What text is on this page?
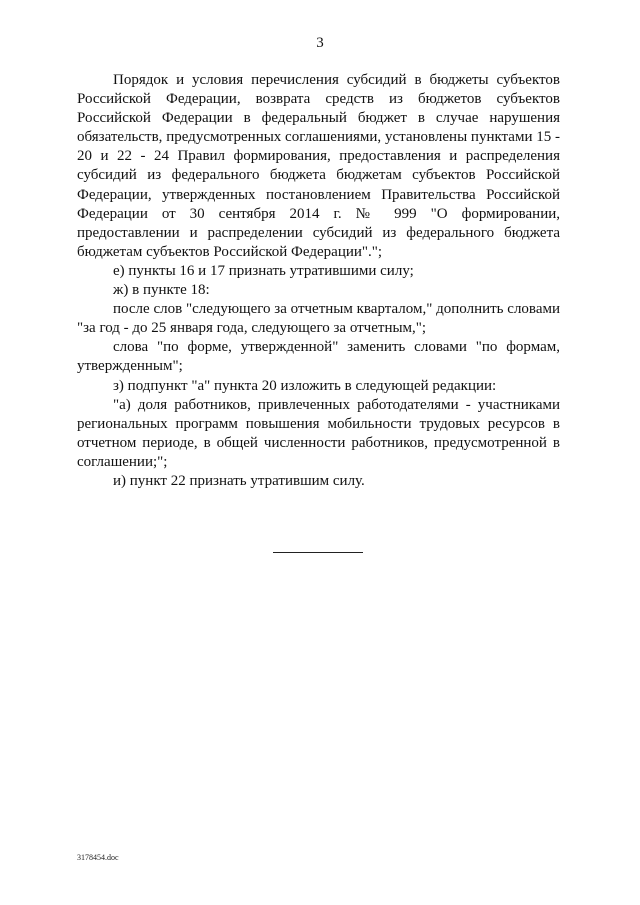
3

Порядок и условия перечисления субсидий в бюджеты субъектов Российской Федерации, возврата средств из бюджетов субъектов Российской Федерации в федеральный бюджет в случае нарушения обязательств, предусмотренных соглашениями, установлены пунктами 15 - 20 и 22 - 24 Правил формирования, предоставления и распределения субсидий из федерального бюджета бюджетам субъектов Российской Федерации, утвержденных постановлением Правительства Российской Федерации от 30 сентября 2014 г. № 999 "О формировании, предоставлении и распределении субсидий из федерального бюджета бюджетам субъектов Российской Федерации".";

е) пункты 16 и 17 признать утратившими силу;

ж) в пункте 18:

после слов "следующего за отчетным кварталом," дополнить словами "за год - до 25 января года, следующего за отчетным,";

слова "по форме, утвержденной" заменить словами "по формам, утвержденным";

з) подпункт "а" пункта 20 изложить в следующей редакции:

"а) доля работников, привлеченных работодателями - участниками региональных программ повышения мобильности трудовых ресурсов в отчетном периоде, в общей численности работников, предусмотренной в соглашении;";

и) пункт 22 признать утратившим силу.

3178454.doc
